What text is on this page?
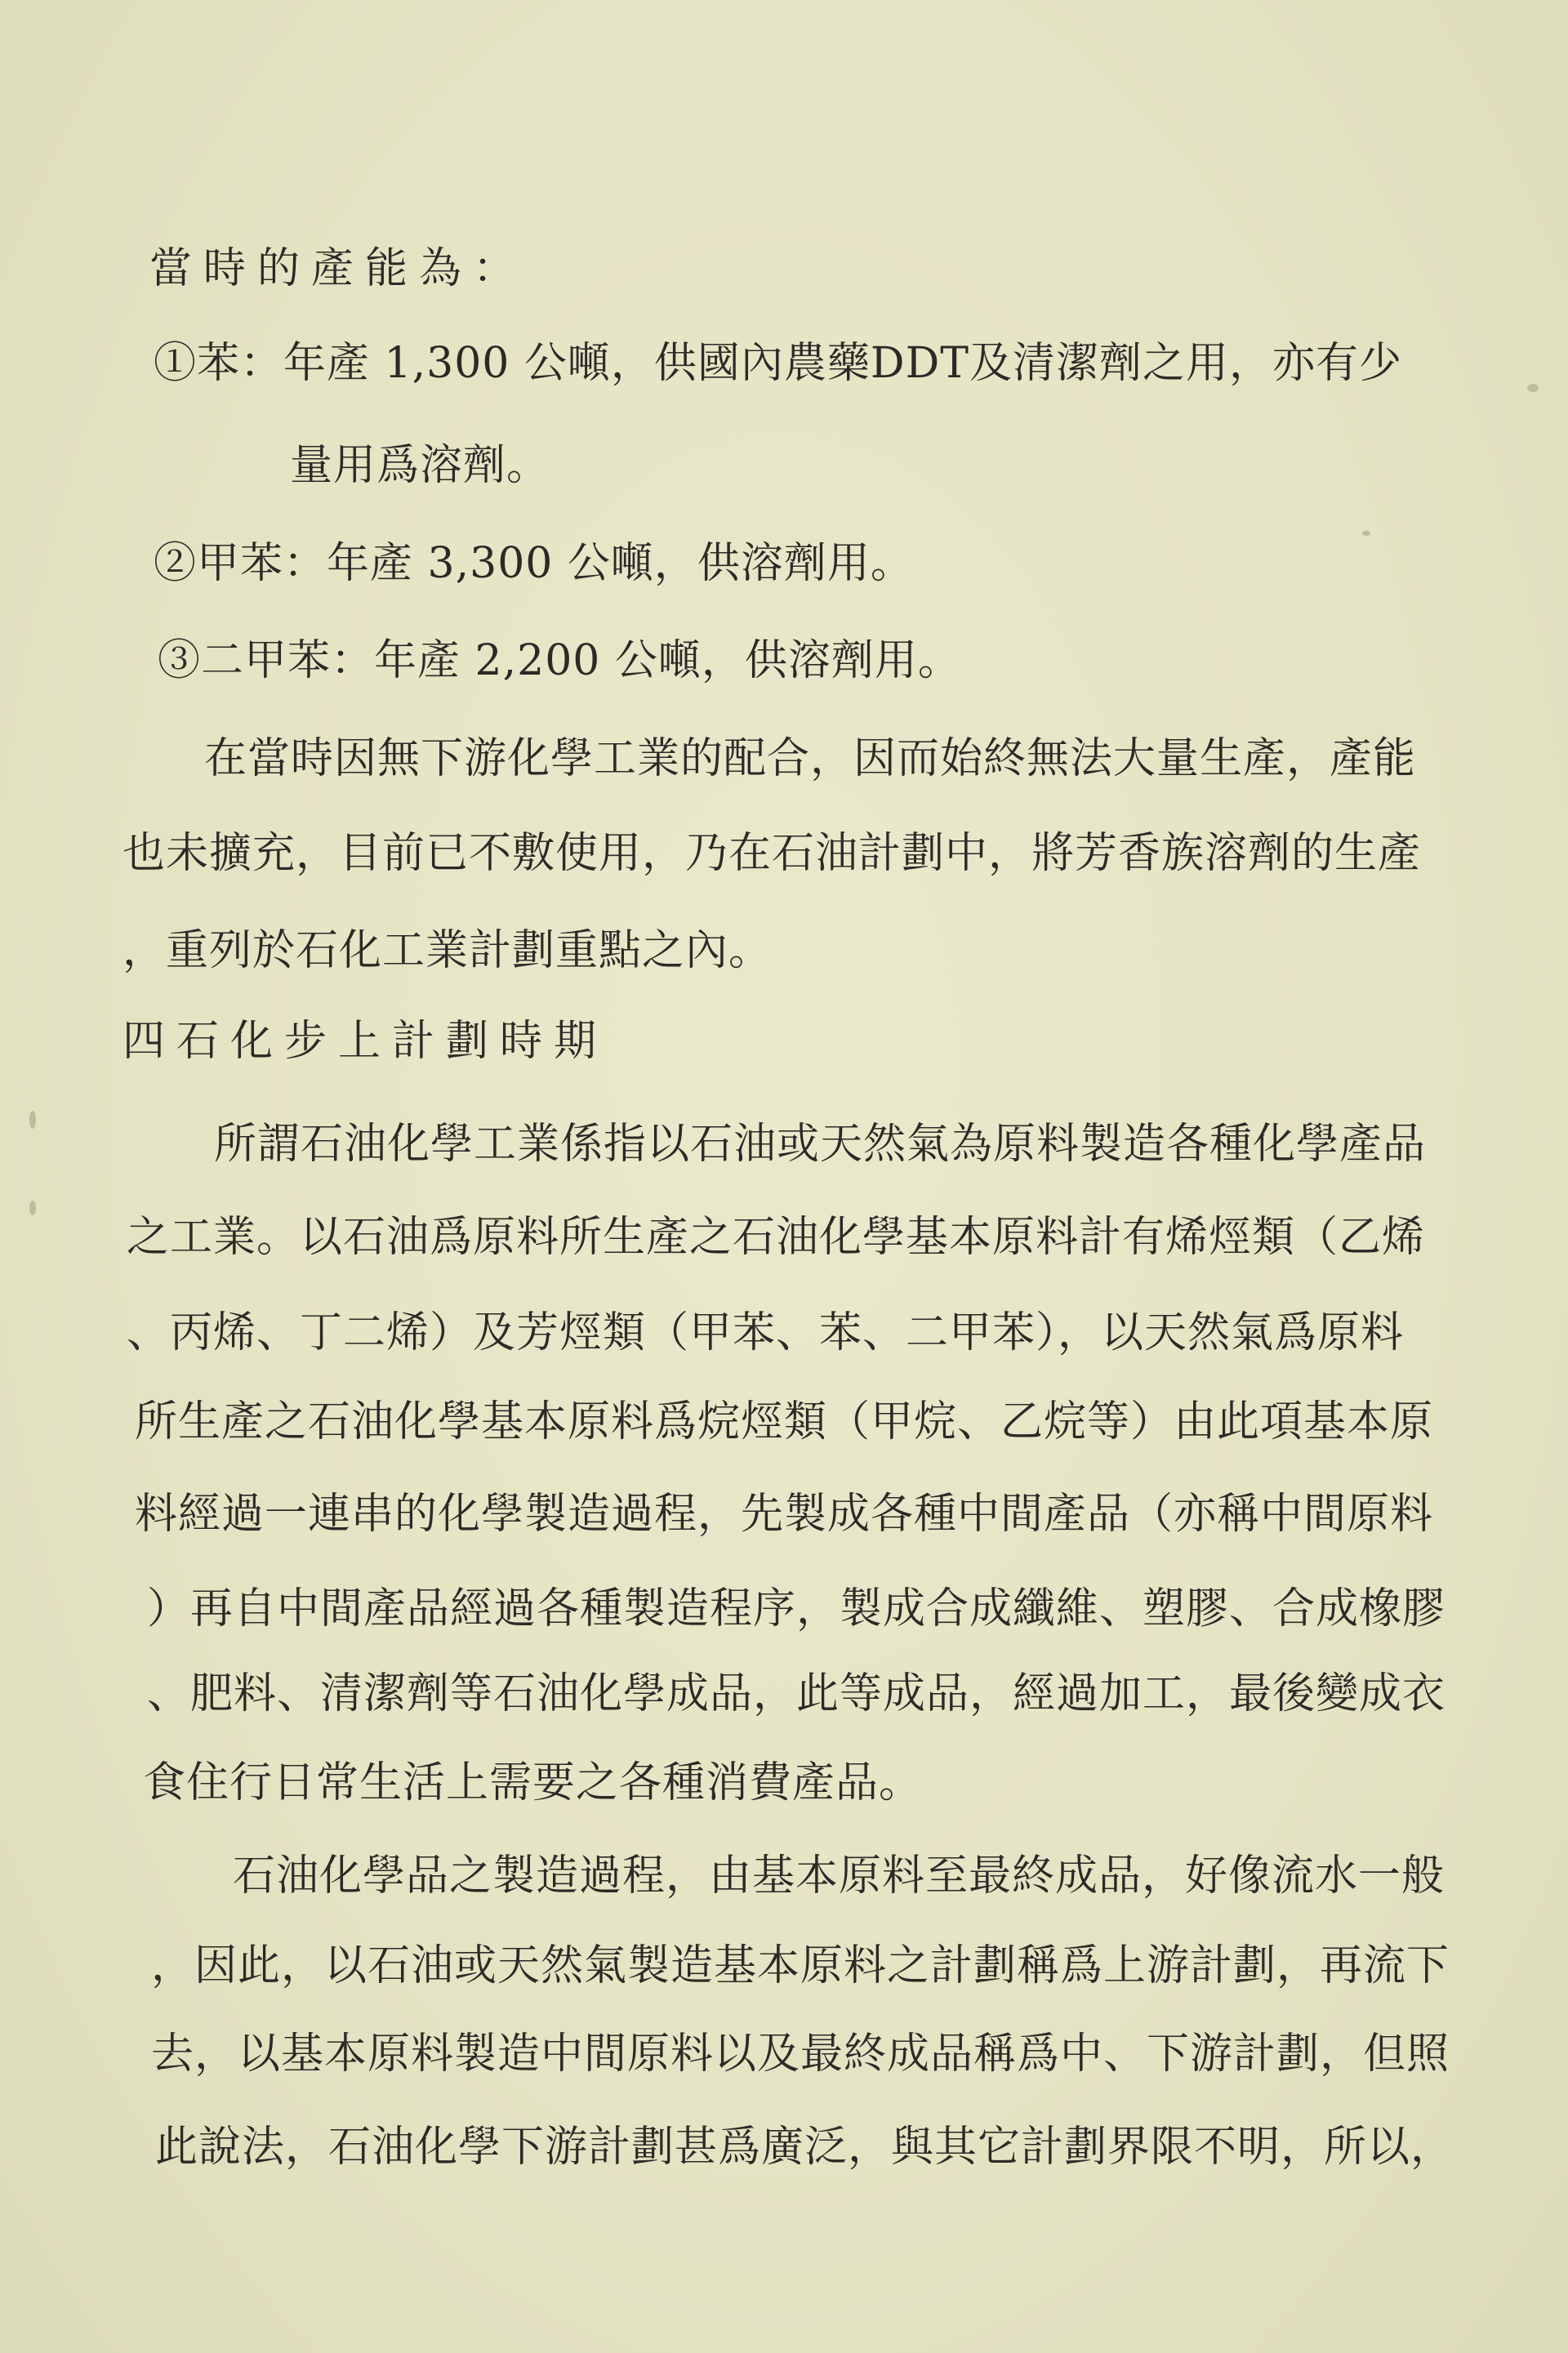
當時的產能為：
①苯：年產 1,300 公噸，供國內農藥DDT及清潔劑之用，亦有少
量用爲溶劑。
②甲苯：年產 3,300 公噸，供溶劑用。
③二甲苯：年產 2,200 公噸，供溶劑用。
在當時因無下游化學工業的配合，因而始終無法大量生產，產能
也未擴充，目前已不敷使用，乃在石油計劃中，將芳香族溶劑的生產
，重列於石化工業計劃重點之內。
四石化步上計劃時期
所謂石油化學工業係指以石油或天然氣為原料製造各種化學產品
之工業。以石油爲原料所生產之石油化學基本原料計有烯烴類（乙烯
、丙烯、丁二烯）及芳烴類（甲苯、苯、二甲苯），以天然氣爲原料
所生產之石油化學基本原料爲烷烴類（甲烷、乙烷等）由此項基本原
料經過一連串的化學製造過程，先製成各種中間產品（亦稱中間原料
）再自中間產品經過各種製造程序，製成合成纖維、塑膠、合成橡膠
、肥料、清潔劑等石油化學成品，此等成品，經過加工，最後變成衣
食住行日常生活上需要之各種消費產品。
石油化學品之製造過程，由基本原料至最終成品，好像流水一般
，因此，以石油或天然氣製造基本原料之計劃稱爲上游計劃，再流下
去，以基本原料製造中間原料以及最終成品稱爲中、下游計劃，但照
此說法，石油化學下游計劃甚爲廣泛，與其它計劃界限不明，所以，
